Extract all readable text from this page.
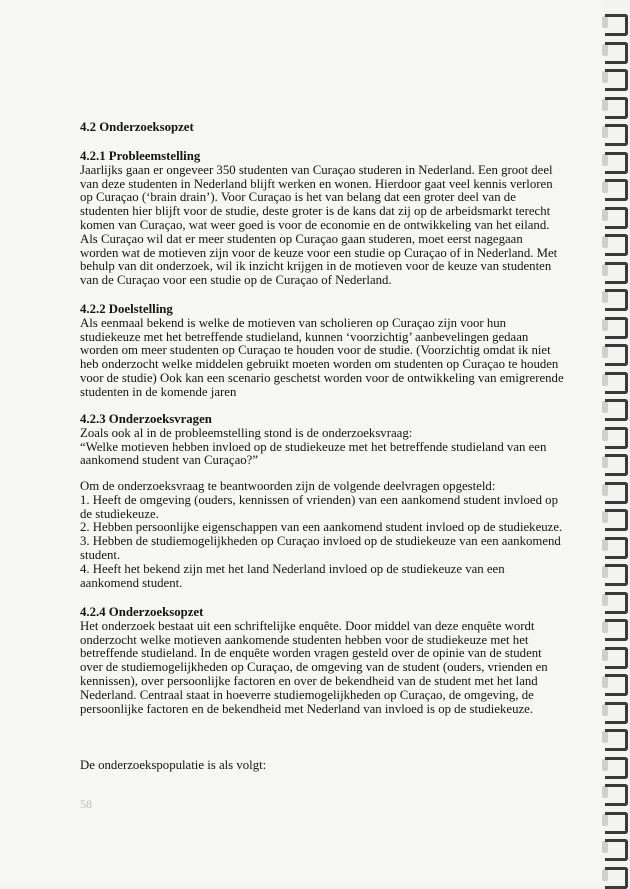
4.2 Onderzoeksopzet
4.2.1 Probleemstelling
Jaarlijks gaan er ongeveer 350 studenten van Curaçao studeren in Nederland. Een groot deel
van deze studenten in Nederland blijft werken en wonen. Hierdoor gaat veel kennis verloren
op Curaçao (‘brain drain’). Voor Curaçao is het van belang dat een groter deel van de
studenten hier blijft voor de studie, deste groter is de kans dat zij op de arbeidsmarkt terecht
komen van Curaçao, wat weer goed is voor de economie en de ontwikkeling van het eiland.
Als Curaçao wil dat er meer studenten op Curaçao gaan studeren, moet eerst nagegaan
worden wat de motieven zijn voor de keuze voor een studie op Curaçao of in Nederland. Met
behulp van dit onderzoek, wil ik inzicht krijgen in de motieven voor de keuze van studenten
van de Curaçao voor een studie op de Curaçao of Nederland.
4.2.2 Doelstelling
Als eenmaal bekend is welke de motieven van scholieren op Curaçao zijn voor hun
studiekeuze met het betreffende studieland, kunnen ‘voorzichtig’ aanbevelingen gedaan
worden om meer studenten op Curaçao te houden voor de studie. (Voorzichtig omdat ik niet
heb onderzocht welke middelen gebruikt moeten worden om studenten op Curaçao te houden
voor de studie) Ook kan een scenario geschetst worden voor de ontwikkeling van emigrerende
studenten in de komende jaren
4.2.3 Onderzoeksvragen
Zoals ook al in de probleemstelling stond is de onderzoeksvraag:
“Welke motieven hebben invloed op de studiekeuze met het betreffende studieland van een
aankomend student van Curaçao?”
Om de onderzoeksvraag te beantwoorden zijn de volgende deelvragen opgesteld:
1. Heeft de omgeving (ouders, kennissen of vrienden) van een aankomend student invloed op
de studiekeuze.
2. Hebben persoonlijke eigenschappen van een aankomend student invloed op de studiekeuze.
3. Hebben de studiemogelijkheden op Curaçao invloed op de studiekeuze van een aankomend
student.
4. Heeft het bekend zijn met het land Nederland invloed op de studiekeuze van een
aankomend student.
4.2.4 Onderzoeksopzet
Het onderzoek bestaat uit een schriftelijke enquête. Door middel van deze enquête wordt
onderzocht welke motieven aankomende studenten hebben voor de studiekeuze met het
betreffende studieland. In de enquête worden vragen gesteld over de opinie van de student
over de studiemogelijkheden op Curaçao, de omgeving van de student (ouders, vrienden en
kennissen), over persoonlijke factoren en over de bekendheid van de student met het land
Nederland. Centraal staat in hoeverre studiemogelijkheden op Curaçao, de omgeving, de
persoonlijke factoren en de bekendheid met Nederland van invloed is op de studiekeuze.
De onderzoekspopulatie is als volgt:
58
